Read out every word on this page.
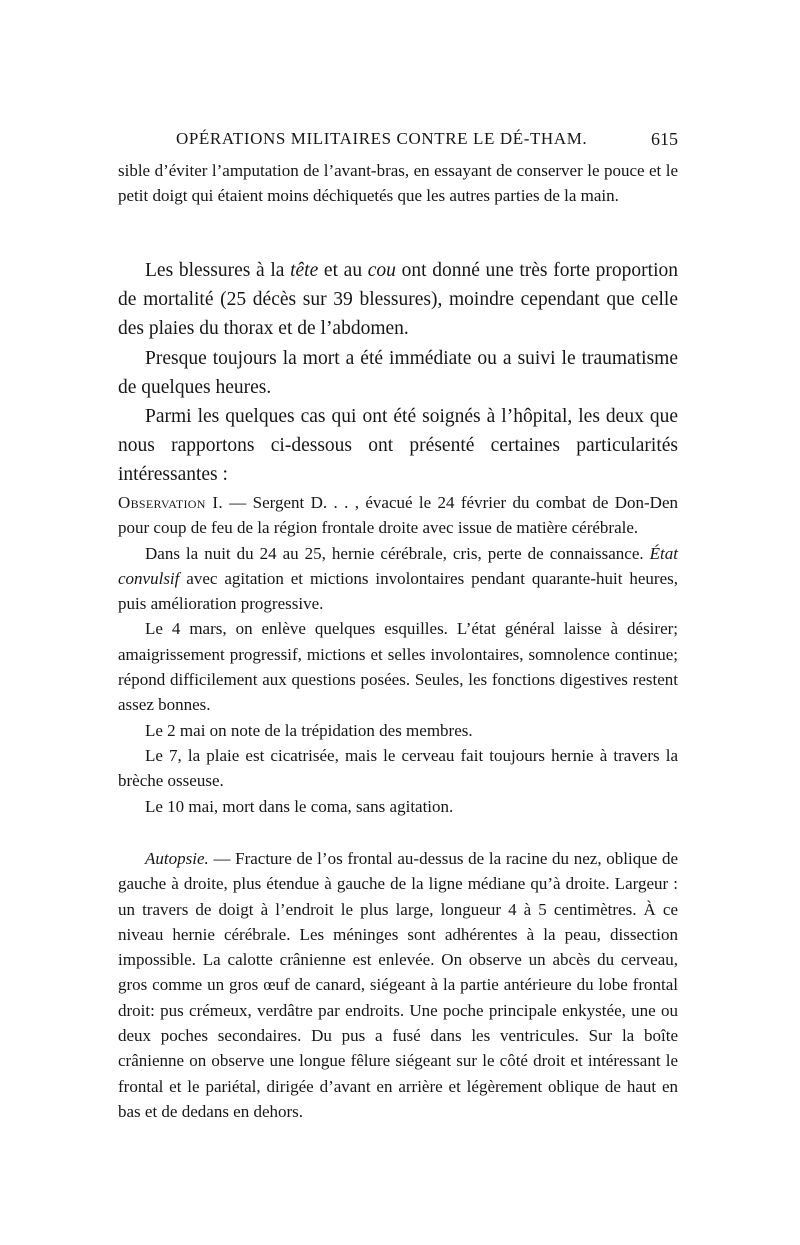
OPÉRATIONS MILITAIRES CONTRE LE DÉ-THAM.	615

sible d’éviter l’amputation de l’avant-bras, en essayant de conserver le pouce et le petit doigt qui étaient moins déchiquetés que les autres parties de la main.

Les blessures à la tête et au cou ont donné une très forte proportion de mortalité (25 décès sur 39 blessures), moindre cependant que celle des plaies du thorax et de l’abdomen.

Presque toujours la mort a été immédiate ou a suivi le traumatisme de quelques heures.

Parmi les quelques cas qui ont été soignés à l’hôpital, les deux que nous rapportons ci-dessous ont présenté certaines particularités intéressantes :

Observation I. — Sergent D. . . , évacué le 24 février du combat de Don-Den pour coup de feu de la région frontale droite avec issue de matière cérébrale.

Dans la nuit du 24 au 25, hernie cérébrale, cris, perte de connaissance. État convulsif avec agitation et mictions involontaires pendant quarante-huit heures, puis amélioration progressive.

Le 4 mars, on enlève quelques esquilles. L’état général laisse à désirer; amaigrissement progressif, mictions et selles involontaires, somnolence continue; répond difficilement aux questions posées. Seules, les fonctions digestives restent assez bonnes.

Le 2 mai on note de la trépidation des membres.

Le 7, la plaie est cicatrisée, mais le cerveau fait toujours hernie à travers la brèche osseuse.

Le 10 mai, mort dans le coma, sans agitation.

Autopsie. — Fracture de l’os frontal au-dessus de la racine du nez, oblique de gauche à droite, plus étendue à gauche de la ligne médiane qu’à droite. Largeur : un travers de doigt à l’endroit le plus large, longueur 4 à 5 centimètres. À ce niveau hernie cérébrale. Les méninges sont adhérentes à la peau, dissection impossible. La calotte crânienne est enlevée. On observe un abcès du cerveau, gros comme un gros œuf de canard, siégeant à la partie antérieure du lobe frontal droit: pus crémeux, verdâtre par endroits. Une poche principale enkystée, une ou deux poches secondaires. Du pus a fusé dans les ventricules. Sur la boîte crânienne on observe une longue fêlure siégeant sur le côté droit et intéressant le frontal et le pariétal, dirigée d’avant en arrière et légèrement oblique de haut en bas et de dedans en dehors.
